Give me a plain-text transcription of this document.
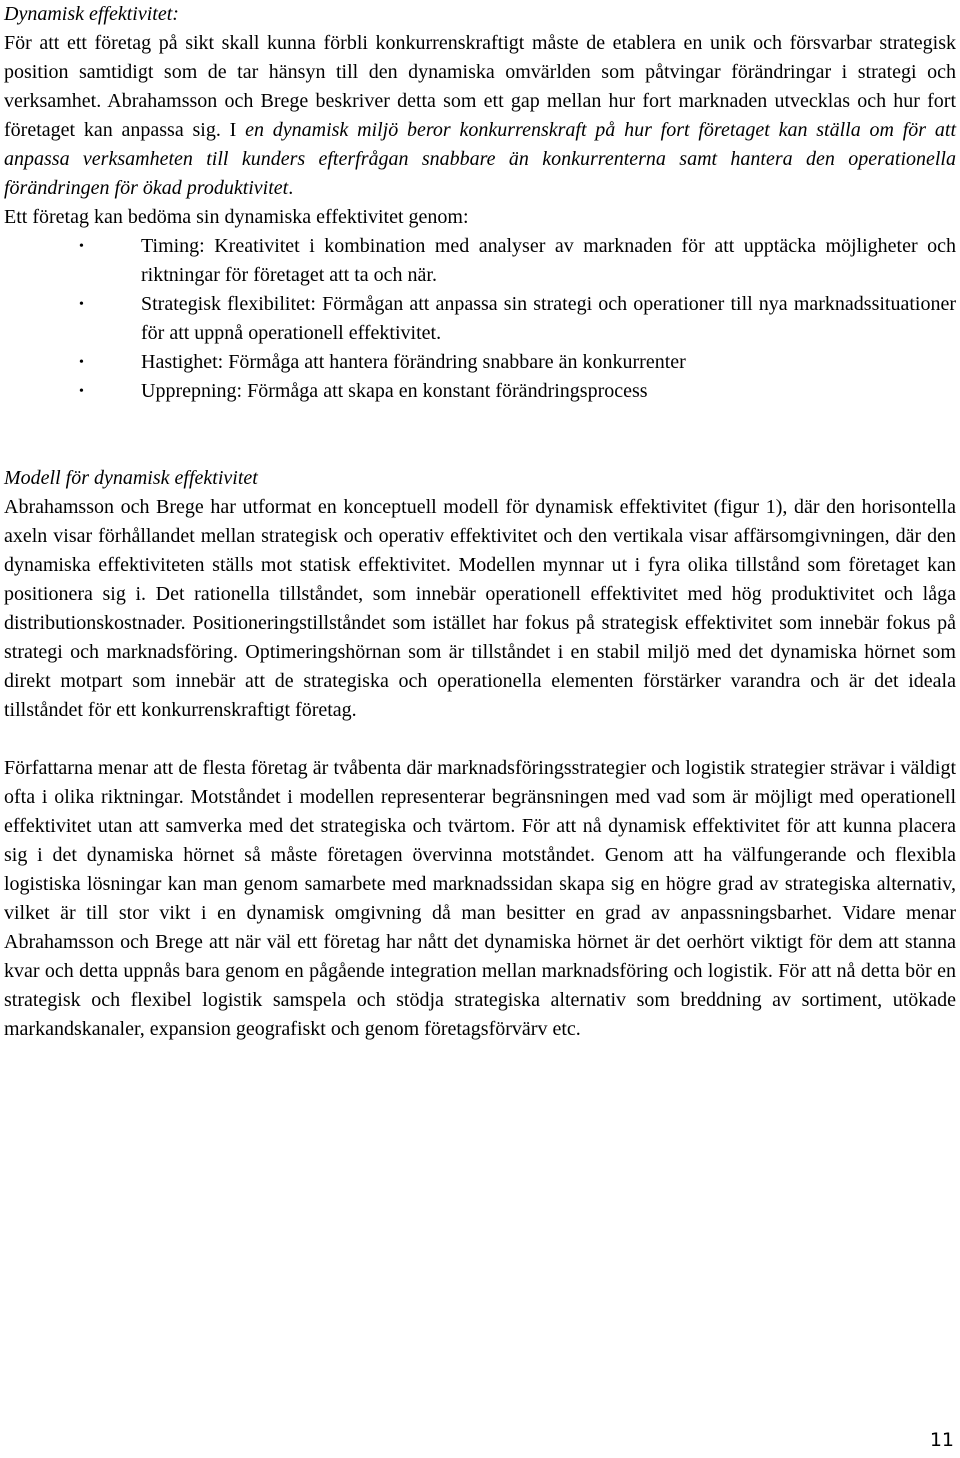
Dynamisk effektivitet:

För att ett företag på sikt skall kunna förbli konkurrenskraftigt måste de etablera en unik och försvarbar strategisk position samtidigt som de tar hänsyn till den dynamiska omvärlden som påtvingar förändringar i strategi och verksamhet. Abrahamsson och Brege beskriver detta som ett gap mellan hur fort marknaden utvecklas och hur fort företaget kan anpassa sig. I en dynamisk miljö beror konkurrenskraft på hur fort företaget kan ställa om för att anpassa verksamheten till kunders efterfrågan snabbare än konkurrenterna samt hantera den operationella förändringen för ökad produktivitet.

Ett företag kan bedöma sin dynamiska effektivitet genom:

•	Timing: Kreativitet i kombination med analyser av marknaden för att upptäcka möjligheter och riktningar för företaget att ta och när.
•	Strategisk flexibilitet: Förmågan att anpassa sin strategi och operationer till nya marknadssituationer för att uppnå operationell effektivitet.
•	Hastighet: Förmåga att hantera förändring snabbare än konkurrenter
•	Upprepning: Förmåga att skapa en konstant förändringsprocess

Modell för dynamisk effektivitet

Abrahamsson och Brege har utformat en konceptuell modell för dynamisk effektivitet (figur 1), där den horisontella axeln visar förhållandet mellan strategisk och operativ effektivitet och den vertikala visar affärsomgivningen, där den dynamiska effektiviteten ställs mot statisk effektivitet. Modellen mynnar ut i fyra olika tillstånd som företaget kan positionera sig i. Det rationella tillståndet, som innebär operationell effektivitet med hög produktivitet och låga distributionskostnader. Positioneringstillståndet som istället har fokus på strategisk effektivitet som innebär fokus på strategi och marknadsföring. Optimeringshörnan som är tillståndet i en stabil miljö med det dynamiska hörnet som direkt motpart som innebär att de strategiska och operationella elementen förstärker varandra och är det ideala tillståndet för ett konkurrenskraftigt företag.

Författarna menar att de flesta företag är tvåbenta där marknadsföringsstrategier och logistik strategier strävar i väldigt ofta i olika riktningar. Motståndet i modellen representerar begränsningen med vad som är möjligt med operationell effektivitet utan att samverka med det strategiska och tvärtom. För att nå dynamisk effektivitet för att kunna placera sig i det dynamiska hörnet så måste företagen övervinna motståndet. Genom att ha välfungerande och flexibla logistiska lösningar kan man genom samarbete med marknadssidan skapa sig en högre grad av strategiska alternativ, vilket är till stor vikt i en dynamisk omgivning då man besitter en grad av anpassningsbarhet. Vidare menar Abrahamsson och Brege att när väl ett företag har nått det dynamiska hörnet är det oerhört viktigt för dem att stanna kvar och detta uppnås bara genom en pågående integration mellan marknadsföring och logistik. För att nå detta bör en strategisk och flexibel logistik samspela och stödja strategiska alternativ som breddning av sortiment, utökade markandskanaler, expansion geografiskt och genom företagsförvärv etc.

11
